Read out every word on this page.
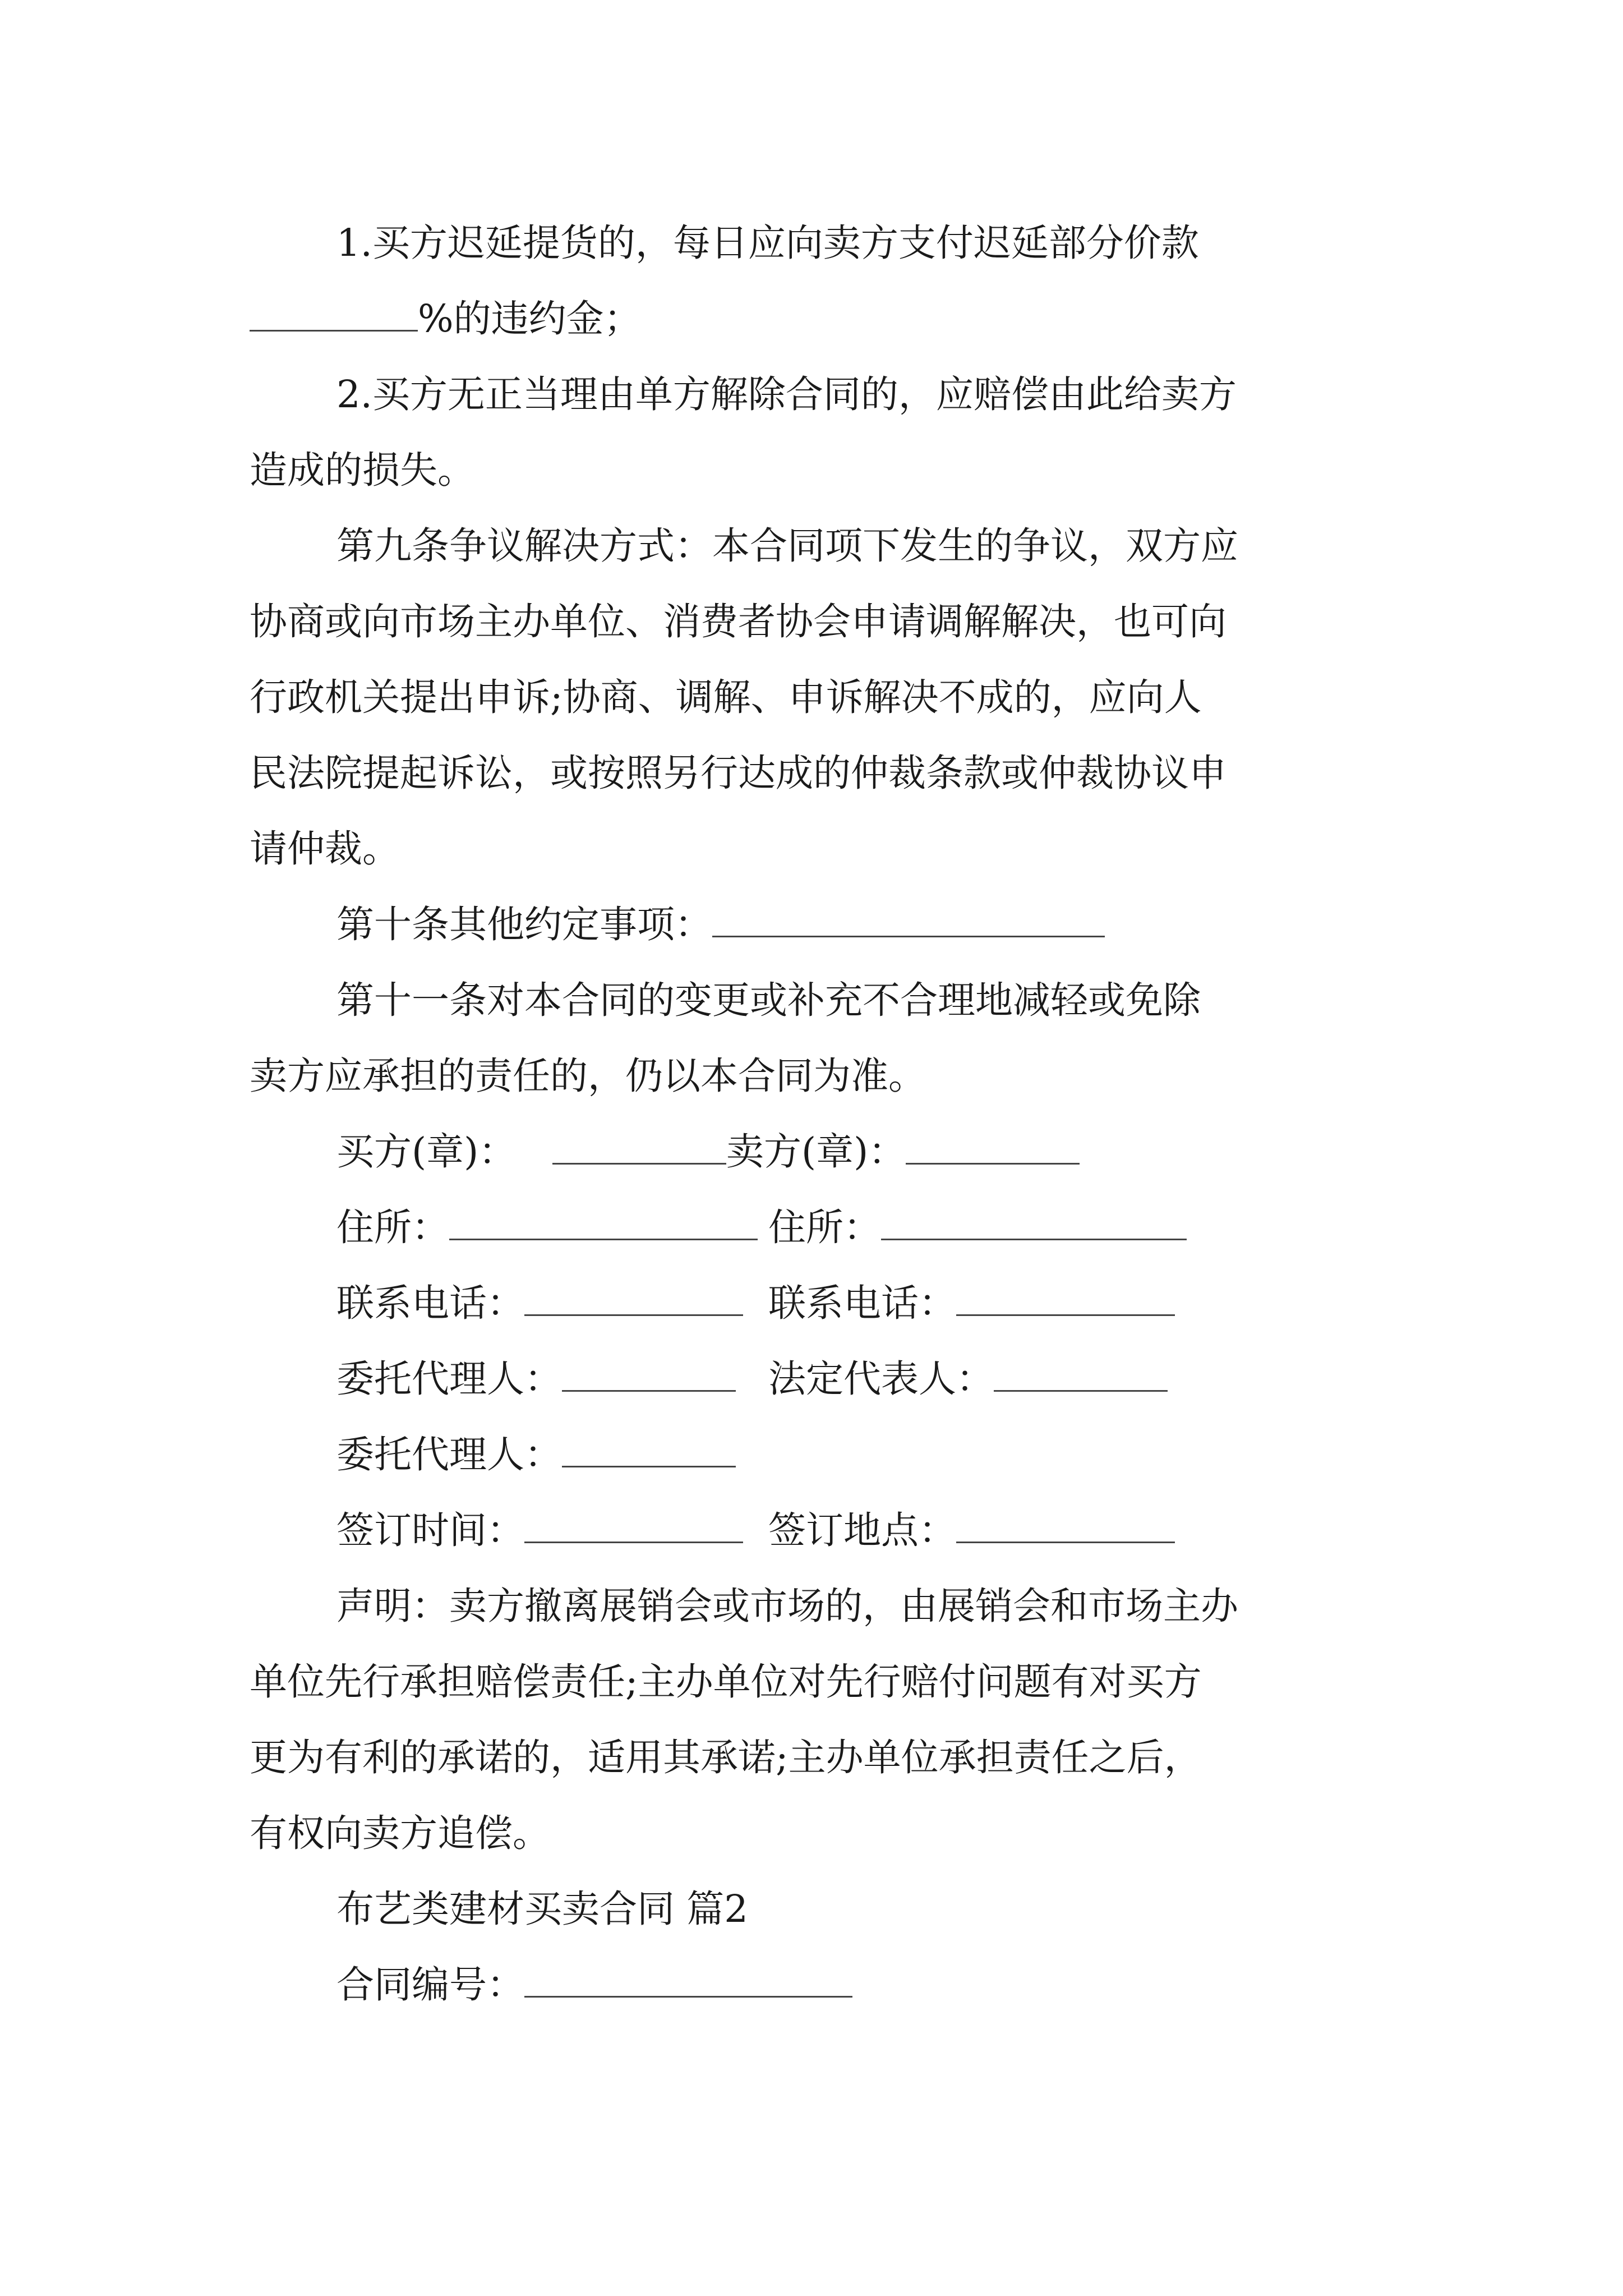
1.买方迟延提货的，每日应向卖方支付迟延部分价款
%的违约金；
2.买方无正当理由单方解除合同的，应赔偿由此给卖方
造成的损失。
第九条争议解决方式：本合同项下发生的争议，双方应
协商或向市场主办单位、消费者协会申请调解解决，也可向
行政机关提出申诉;协商、调解、申诉解决不成的，应向人
民法院提起诉讼，或按照另行达成的仲裁条款或仲裁协议申
请仲裁。
第十条其他约定事项：
第十一条对本合同的变更或补充不合理地减轻或免除
卖方应承担的责任的，仍以本合同为准。
买方(章)：	卖方(章)：
住所：	住所：
联系电话：	联系电话：
委托代理人：	法定代表人：
委托代理人：
签订时间：	签订地点：
声明：卖方撤离展销会或市场的，由展销会和市场主办
单位先行承担赔偿责任;主办单位对先行赔付问题有对买方
更为有利的承诺的，适用其承诺;主办单位承担责任之后，
有权向卖方追偿。
布艺类建材买卖合同 篇2
合同编号：
